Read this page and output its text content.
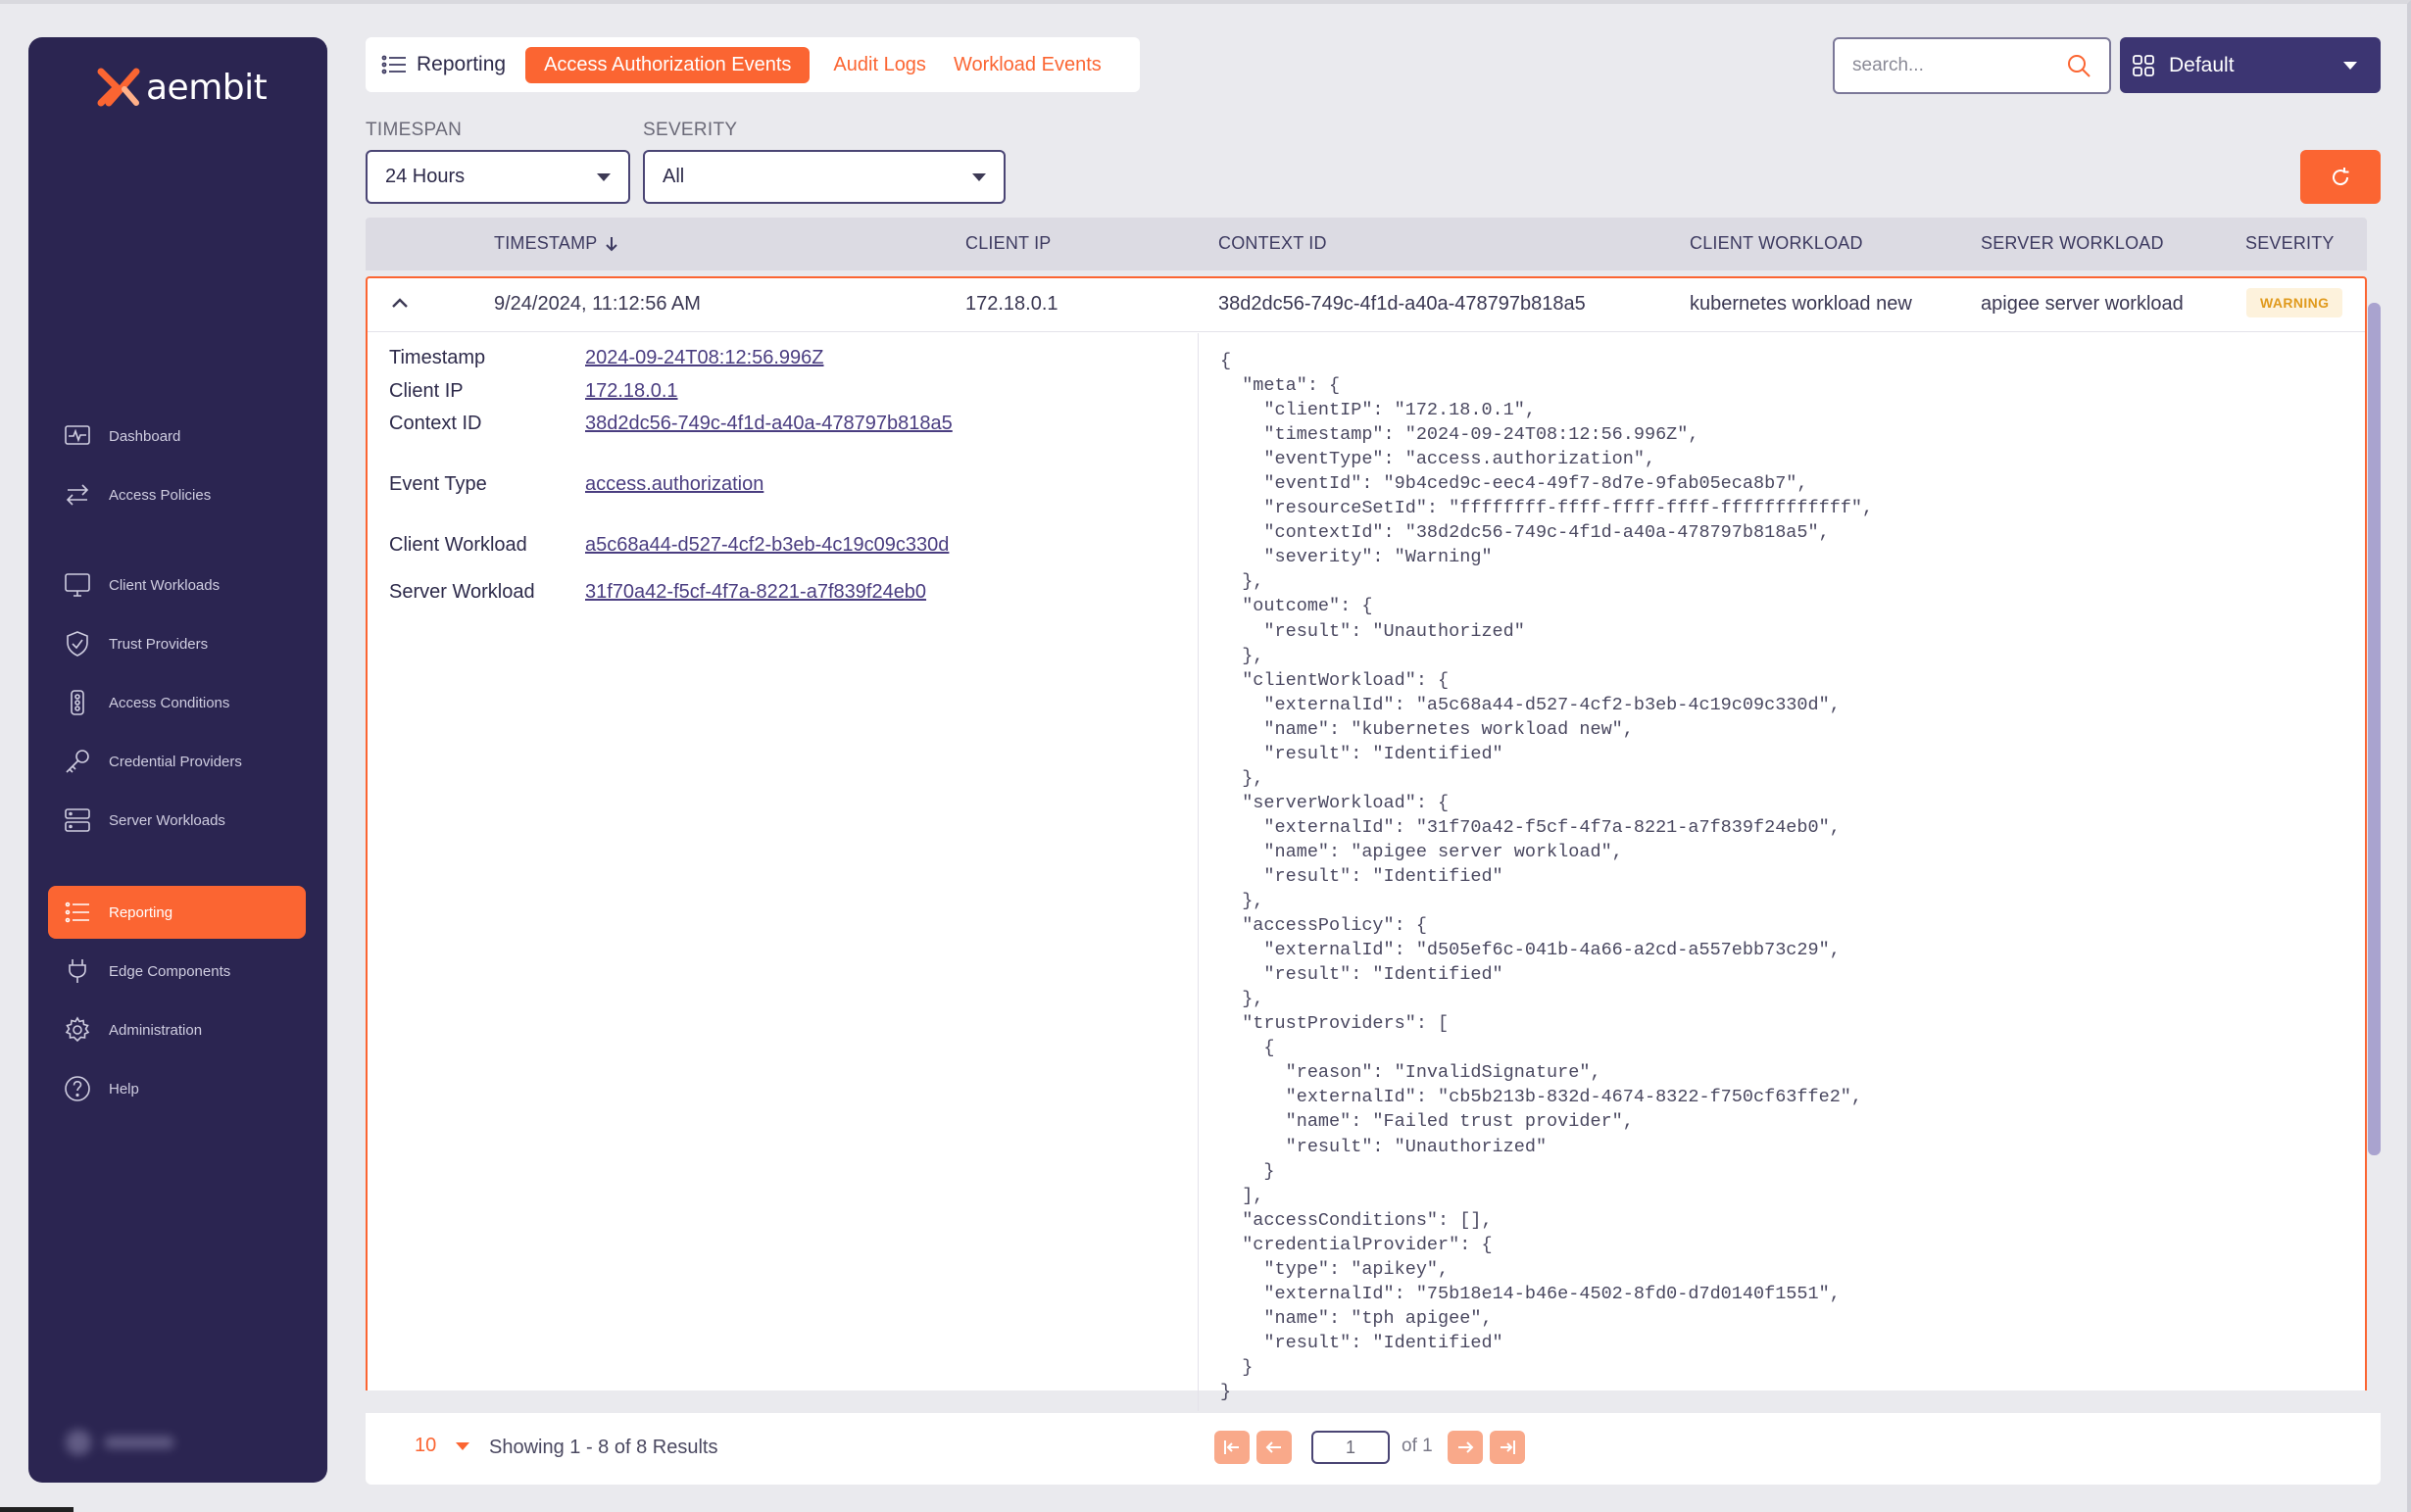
aembit
Dashboard
Access Policies
Client Workloads
Trust Providers
Access Conditions
Credential Providers
Server Workloads
Reporting
Edge Components
Administration
Help
Reporting	Access Authorization Events	Audit Logs Workload Events	search...	Default
TIMESPAN
24 Hours
SEVERITY
All
TIMESTAMP	CLIENT IP	CONTEXT ID	CLIENT WORKLOAD	SERVER WORKLOAD	SEVERITY
9/24/2024, 11:12:56 AM	172.18.0.1	38d2dc56-749c-4f1d-a40a-478797b818a5	kubernetes workload new	apigee server workload	WARNING
Timestamp	2024-09-24T08:12:56.996Z
Client IP	172.18.0.1
Context ID	38d2dc56-749c-4f1d-a40a-478797b818a5
Event Type	access.authorization
Client Workload	a5c68a44-d527-4cf2-b3eb-4c19c09c330d
Server Workload	31f70a42-f5cf-4f7a-8221-a7f839f24eb0
{
"meta": {
"clientIP": "172.18.0.1",
"timestamp": "2024-09-24T08:12:56.996Z",
"eventType": "access.authorization",
"eventId": "9b4ced9c-eec4-49f7-8d7e-9fab05eca8b7",
"resourceSetId": "ffffffff-ffff-ffff-ffff-ffffffffffff",
"contextId": "38d2dc56-749c-4f1d-a40a-478797b818a5",
"severity": "Warning"
},
"outcome": {
"result": "Unauthorized"
},
"clientWorkload": {
"externalId": "a5c68a44-d527-4cf2-b3eb-4c19c09c330d",
"name": "kubernetes workload new",
"result": "Identified"
},
"serverWorkload": {
"externalId": "31f70a42-f5cf-4f7a-8221-a7f839f24eb0",
"name": "apigee server workload",
"result": "Identified"
},
"accessPolicy": {
"externalId": "d505ef6c-041b-4a66-a2cd-a557ebb73c29",
"result": "Identified"
},
"trustProviders": [
{
"reason": "InvalidSignature",
"externalId": "cb5b213b-832d-4674-8322-f750cf63ffe2",
"name": "Failed trust provider",
"result": "Unauthorized"
}
],
"accessConditions": [],
"credentialProvider": {
"type": "apikey",
"externalId": "75b18e14-b46e-4502-8fd0-d7d0140f1551",
"name": "tph apigee",
"result": "Identified"
}
}
10	Showing 1 - 8 of 8 Results	1	of 1
